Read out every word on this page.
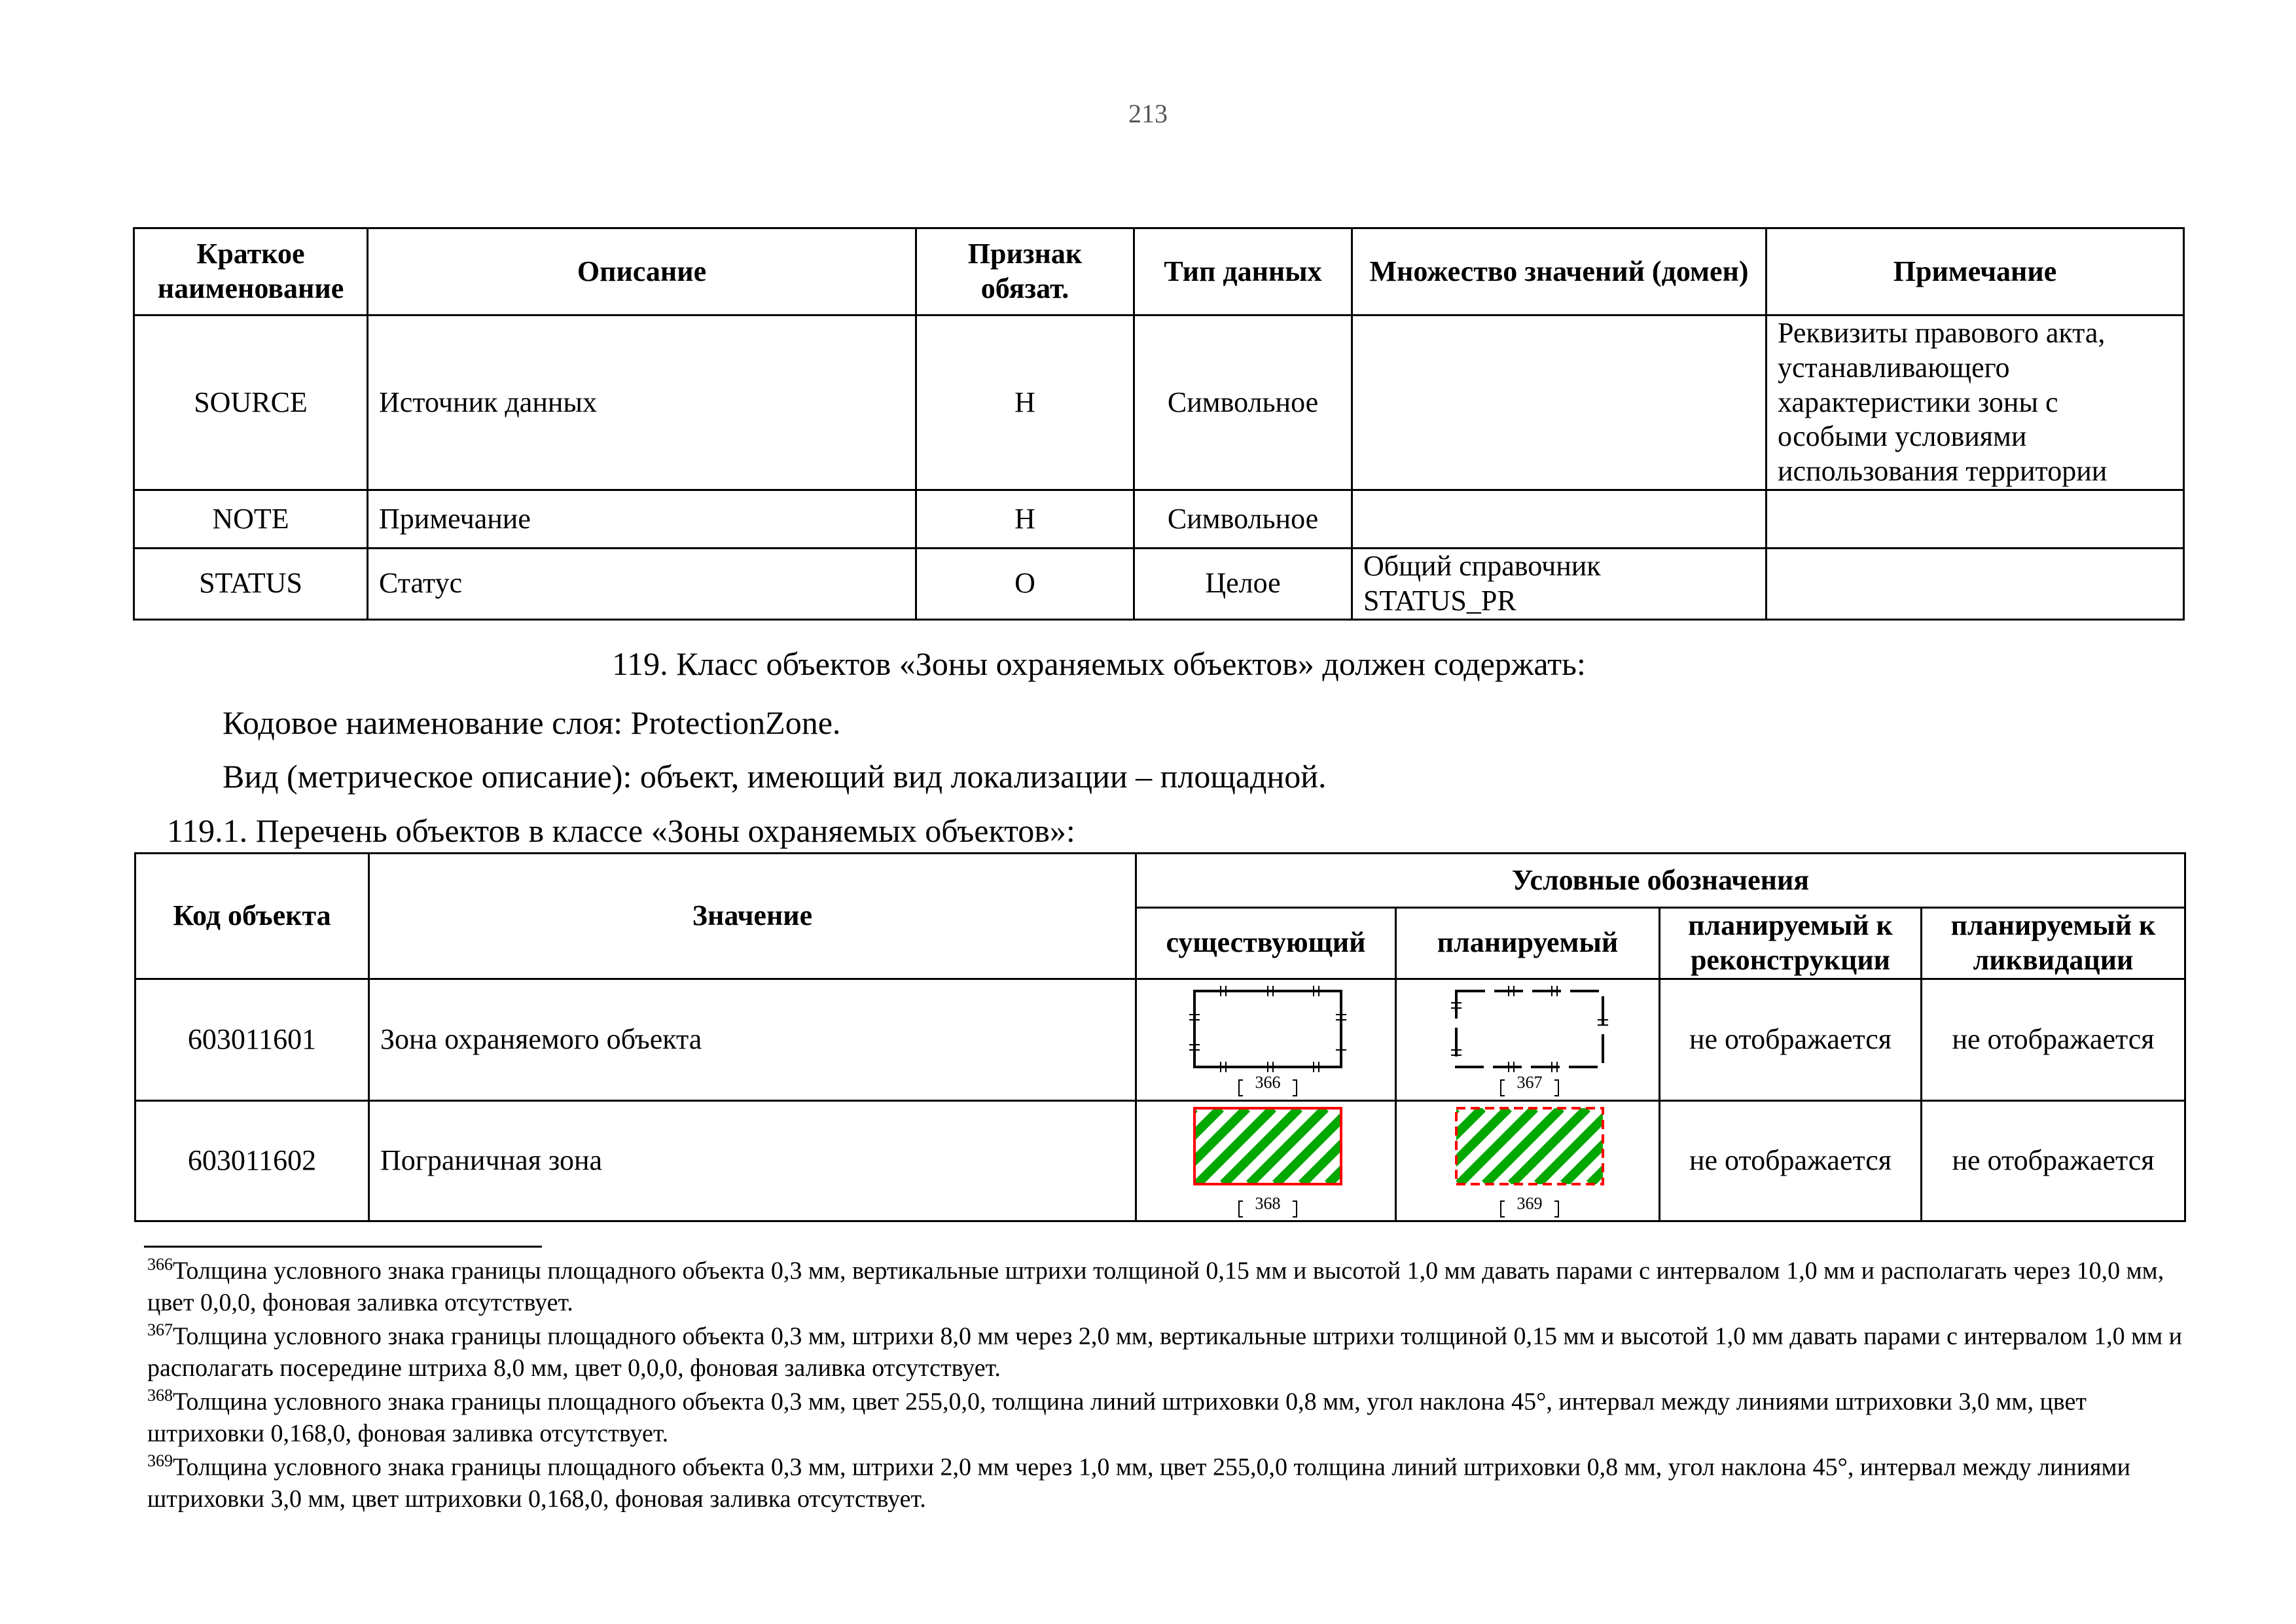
213
Краткое наименование	Описание	Признак обязат.	Тип данных	Множество значений (домен)	Примечание
SOURCE	Источник данных	Н	Символьное		Реквизиты правового акта, устанавливающего характеристики зоны с особыми условиями использования территории
NOTE	Примечание	Н	Символьное		
STATUS	Статус	О	Целое	Общий справочник STATUS_PR	
119. Класс объектов «Зоны охраняемых объектов» должен содержать:
Кодовое наименование слоя: ProtectionZone.
Вид (метрическое описание): объект, имеющий вид локализации – площадной.
119.1. Перечень объектов в классе «Зоны охраняемых объектов»:
Код объекта	Значение	Условные обозначения			
		существующий	планируемый	планируемый к реконструкции	планируемый к ликвидации
603011601	Зона охраняемого объекта	366	367	не отображается	не отображается
603011602	Пограничная зона	368	369	не отображается	не отображается

$^{366}$Толщина условного знака границы площадного объекта 0,3 мм, вертикальные штрихи толщиной 0,15 мм и высотой 1,0 мм давать парами с интервалом 1,0 мм и располагать через 10,0 мм, цвет 0,0,0, фоновая заливка отсутствует.

$^{367}$Толщина условного знака границы площадного объекта 0,3 мм, штрихи 8,0 мм через 2,0 мм, вертикальные штрихи толщиной 0,15 мм и высотой 1,0 мм давать парами с интервалом 1,0 мм и располагать посередине штриха 8,0 мм, цвет 0,0,0, фоновая заливка отсутствует.

$^{368}$Толщина условного знака границы площадного объекта 0,3 мм, цвет 255,0,0, толщина линий штриховки 0,8 мм, угол наклона 45°, интервал между линиями штриховки 3,0 мм, цвет штриховки 0,168,0, фоновая заливка отсутствует.

$^{369}$Толщина условного знака границы площадного объекта 0,3 мм, штрихи 2,0 мм через 1,0 мм, цвет 255,0,0 толщина линий штриховки 0,8 мм, угол наклона 45°, интервал между линиями штриховки 3,0 мм, цвет штриховки 0,168,0, фоновая заливка отсутствует.
